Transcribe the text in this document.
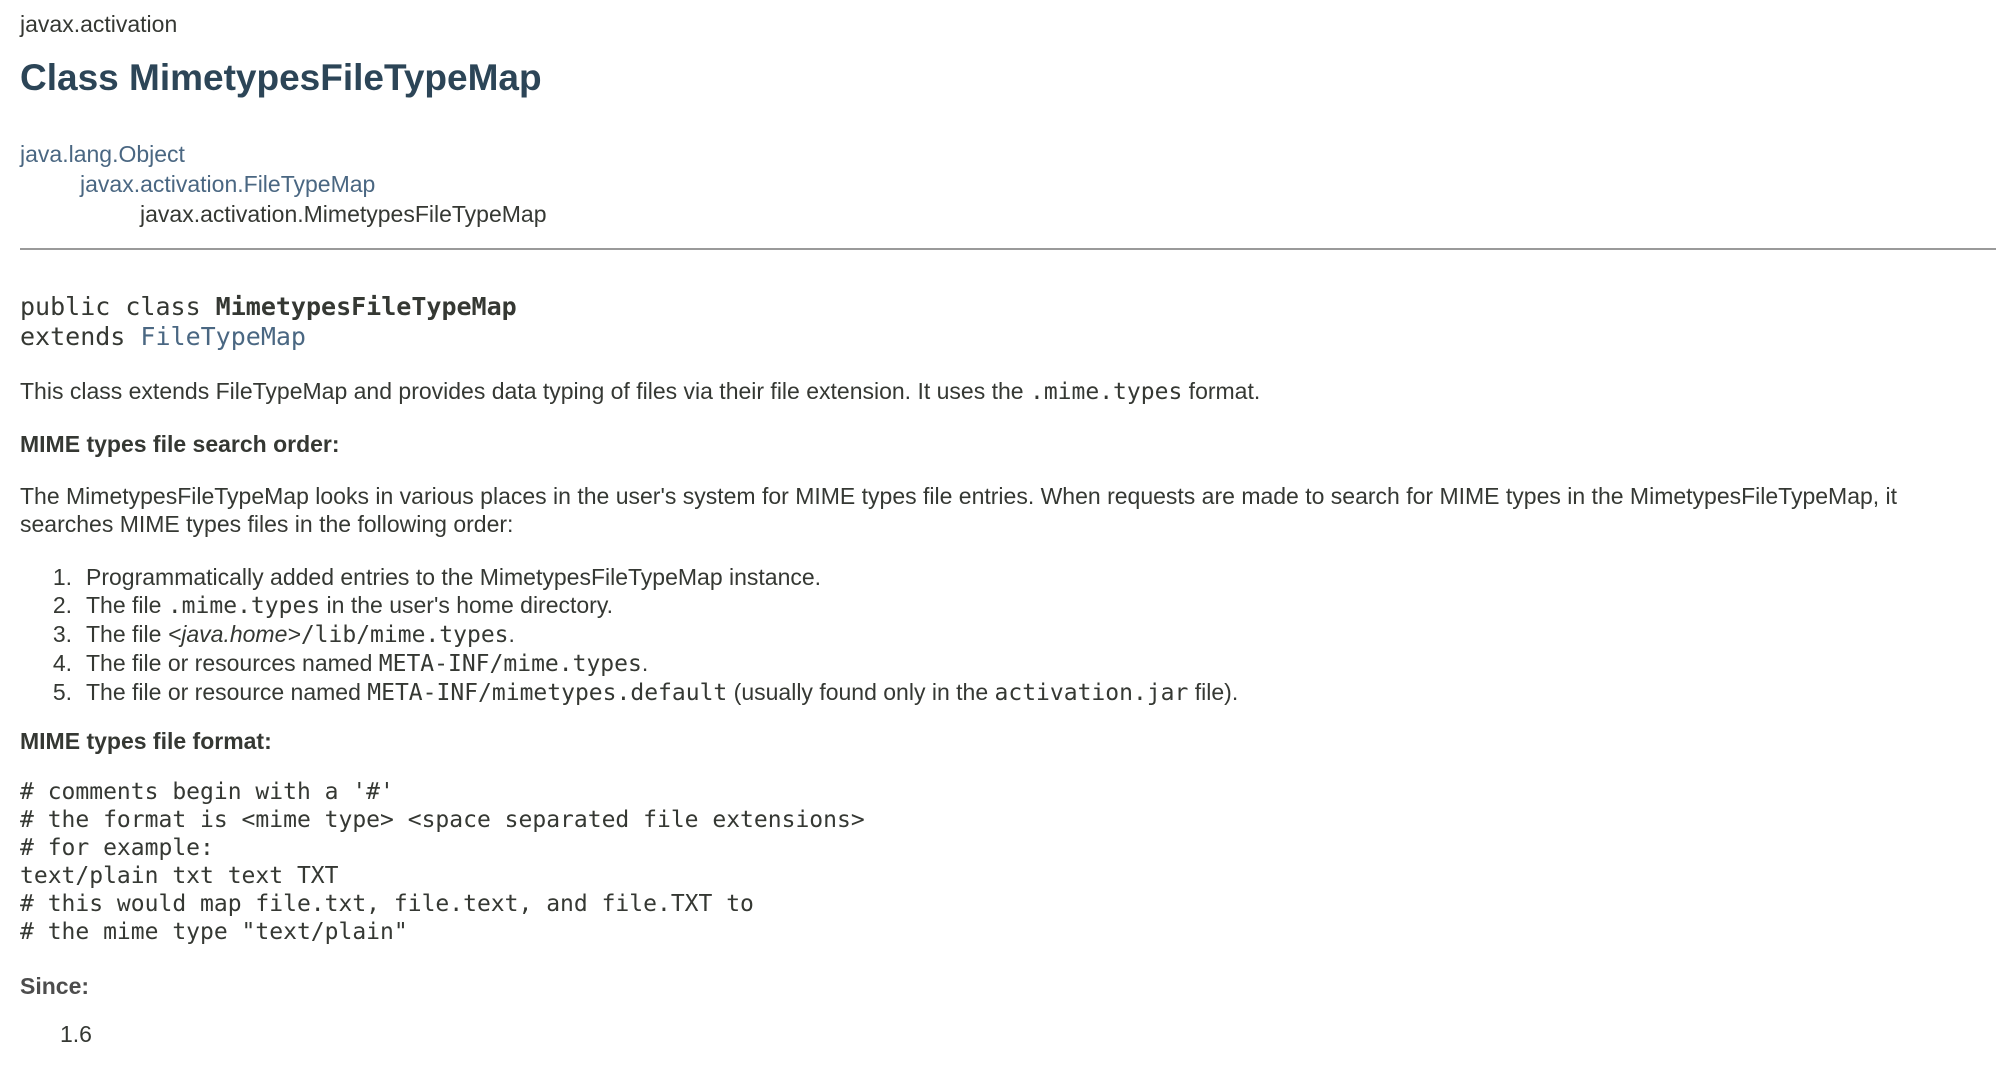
javax.activation
Class MimetypesFileTypeMap
java.lang.Object
javax.activation.FileTypeMap
javax.activation.MimetypesFileTypeMap
public class MimetypesFileTypeMap
extends FileTypeMap

This class extends FileTypeMap and provides data typing of files via their file extension. It uses the .mime.types format.

MIME types file search order:

The MimetypesFileTypeMap looks in various places in the user's system for MIME types file entries. When requests are made to search for MIME types in the MimetypesFileTypeMap, it searches MIME types files in the following order:

1. Programmatically added entries to the MimetypesFileTypeMap instance.
2. The file .mime.types in the user's home directory.
3. The file <java.home>/lib/mime.types.
4. The file or resources named META-INF/mime.types.
5. The file or resource named META-INF/mimetypes.default (usually found only in the activation.jar file).

MIME types file format:

# comments begin with a '#'
# the format is <mime type> <space separated file extensions>
# for example:
text/plain txt text TXT
# this would map file.txt, file.text, and file.TXT to
# the mime type "text/plain"
Since:
1.6
